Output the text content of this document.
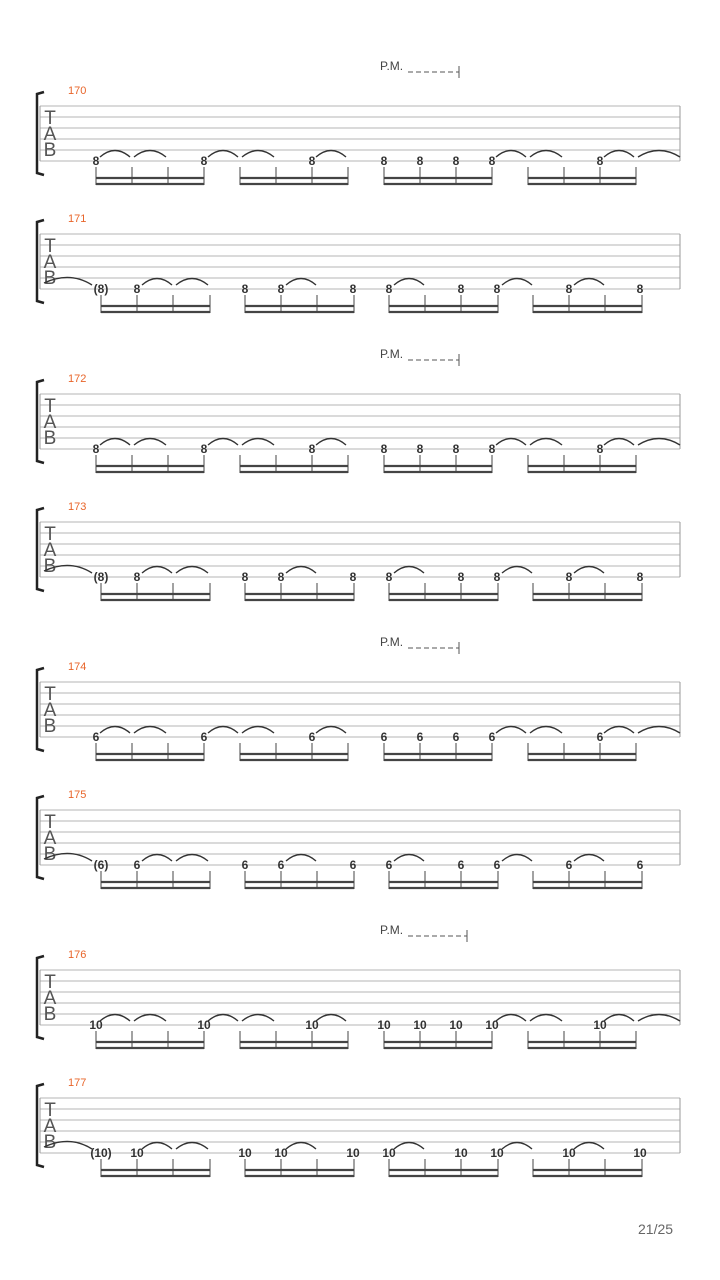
T
A
B
170
P.M.
8	8	8	8 8 8 8	8
T
A
B
171
(8) 8	8 8	8 8	8 8	8	8
T
A
B
172
P.M.
8	8	8	8 8 8 8	8
T
A
B
173
(8) 8	8 8	8 8	8 8	8	8
T
A
B
174
P.M.
6	6	6	6 6 6 6	6
T
A
B
175
(6) 6	6 6	6 6	6 6	6	6
T
A
B
176
P.M.
10	10	10	10 10 10 10	10
T
A
B
177
(10) 10	10 10	10 10	10 10	10	10
21/25
